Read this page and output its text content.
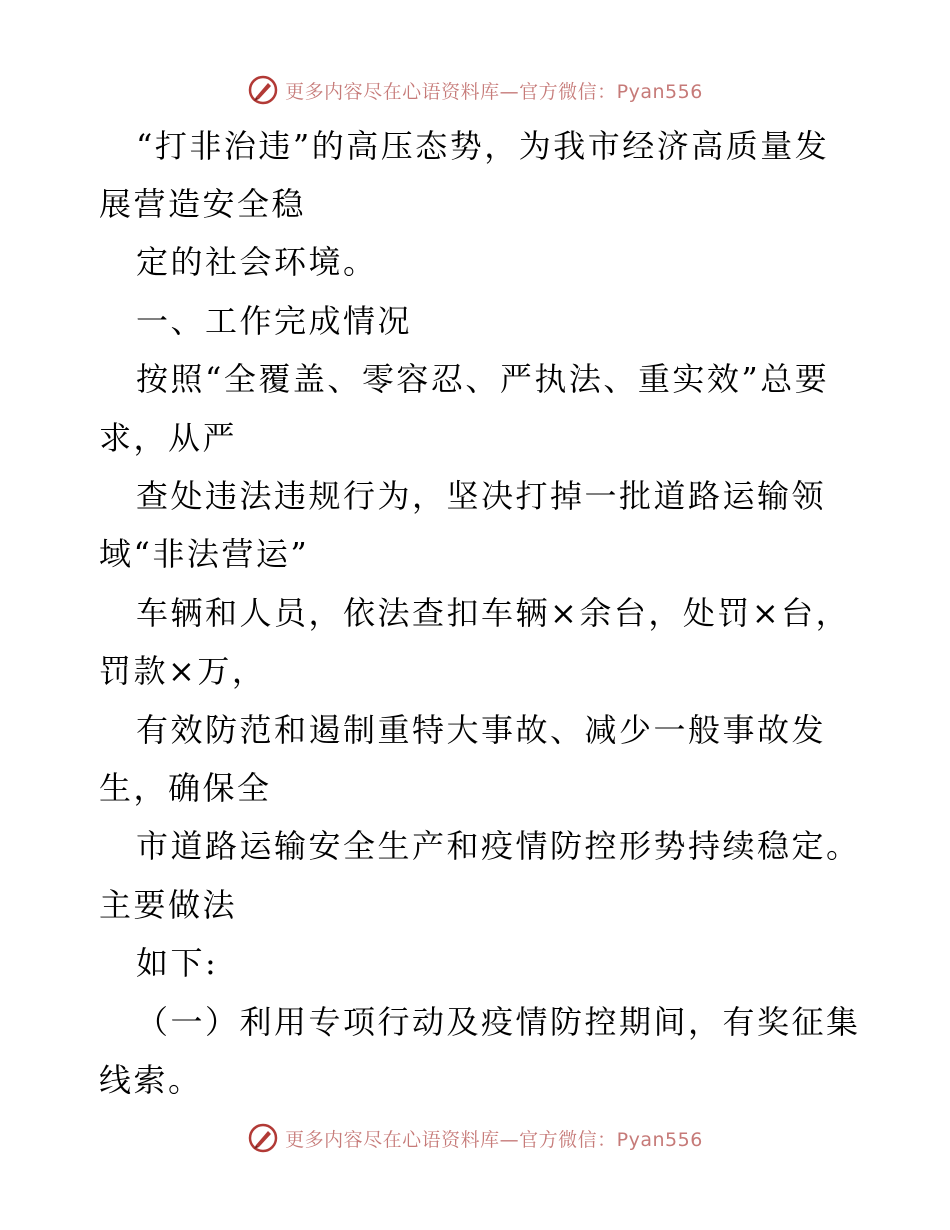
更多内容尽在心语资料库—官方微信：Pyan556
“打非治违”的高压态势，为我市经济高质量发
展营造安全稳
定的社会环境。
一、工作完成情况
按照“全覆盖、零容忍、严执法、重实效”总要
求，从严
查处违法违规行为，坚决打掉一批道路运输领
域“非法营运”
车辆和人员，依法查扣车辆×余台，处罚×台，
罚款×万，
有效防范和遏制重特大事故、减少一般事故发
生，确保全
市道路运输安全生产和疫情防控形势持续稳定。
主要做法
如下:
（一）利用专项行动及疫情防控期间，有奖征集
线索。
更多内容尽在心语资料库—官方微信：Pyan556
